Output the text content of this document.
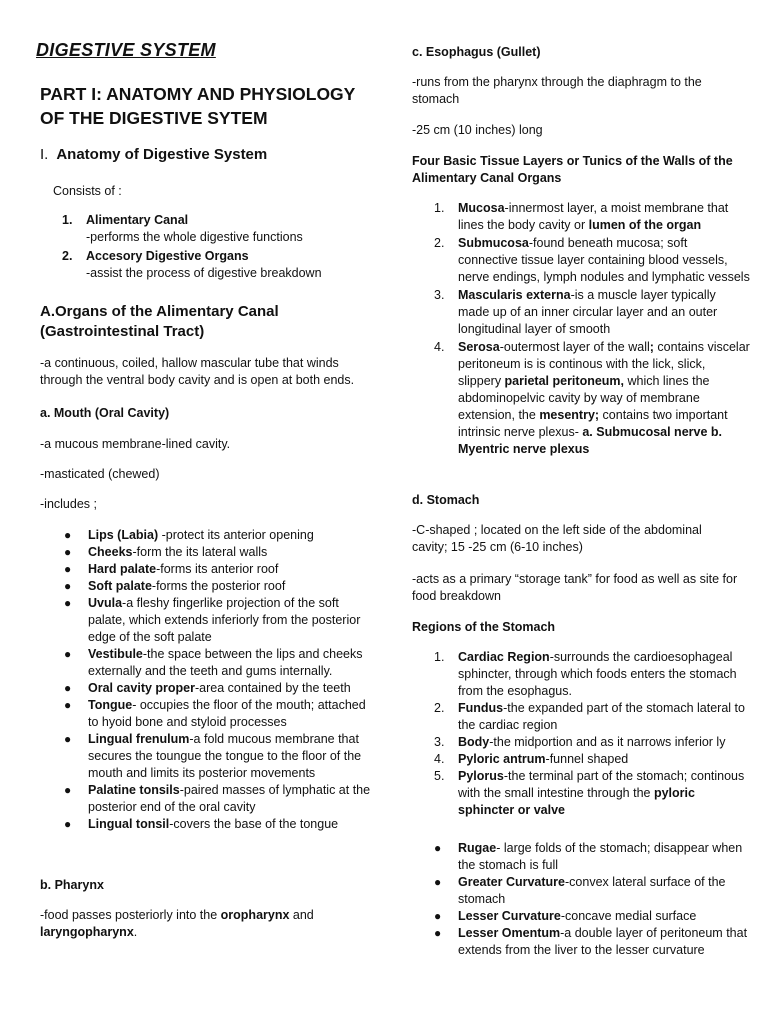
DIGESTIVE SYSTEM
PART I: ANATOMY AND PHYSIOLOGY
OF THE DIGESTIVE SYTEM
I. Anatomy of Digestive System

Consists of :

1. Alimentary Canal
-performs the whole digestive functions
2. Accesory Digestive Organs
-assist the process of digestive breakdown
A.Organs of the Alimentary Canal
(Gastrointestinal Tract)

-a continuous, coiled, hallow mascular tube that winds through the ventral body cavity and is open at both ends.

a. Mouth (Oral Cavity)

-a mucous membrane-lined cavity.

-masticated (chewed)

-includes ;

● Lips (Labia) -protect its anterior opening
● Cheeks-form the its lateral walls
● Hard palate-forms its anterior roof
● Soft palate-forms the posterior roof
● Uvula-a fleshy fingerlike projection of the soft palate, which extends inferiorly from the posterior edge of the soft palate
● Vestibule-the space between the lips and cheeks externally and the teeth and gums internally.
● Oral cavity proper-area contained by the teeth
● Tongue- occupies the floor of the mouth; attached to hyoid bone and styloid processes
● Lingual frenulum-a fold mucous membrane that secures the toungue the tongue to the floor of the mouth and limits its posterior movements
● Palatine tonsils-paired masses of lymphatic at the posterior end of the oral cavity
● Lingual tonsil-covers the base of the tongue

b. Pharynx

-food passes posteriorly into the oropharynx and laryngopharynx.

c. Esophagus (Gullet)

-runs from the pharynx through the diaphragm to the stomach

-25 cm (10 inches) long

Four Basic Tissue Layers or Tunics of the Walls of the Alimentary Canal Organs

1. Mucosa-innermost layer, a moist membrane that lines the body cavity or lumen of the organ
2. Submucosa-found beneath mucosa; soft connective tissue layer containing blood vessels, nerve endings, lymph nodules and lymphatic vessels
3. Mascularis externa-is a muscle layer typically made up of an inner circular layer and an outer longitudinal layer of smooth
4. Serosa-outermost layer of the wall; contains viscelar peritoneum is is continous with the lick, slick, slippery parietal peritoneum, which lines the abdominopelvic cavity by way of membrane extension, the mesentry; contains two important intrinsic nerve plexus- a. Submucosal nerve b. Myentric nerve plexus

d. Stomach

-C-shaped ; located on the left side of the abdominal cavity; 15 -25 cm (6-10 inches)

-acts as a primary “storage tank” for food as well as site for food breakdown

Regions of the Stomach

1. Cardiac Region-surrounds the cardioesophageal sphincter, through which foods enters the stomach from the esophagus.
2. Fundus-the expanded part of the stomach lateral to the cardiac region
3. Body-the midportion and as it narrows inferior ly
4. Pyloric antrum-funnel shaped
5. Pylorus-the terminal part of the stomach; continous with the small intestine through the pyloric sphincter or valve
● Rugae- large folds of the stomach; disappear when the stomach is full
● Greater Curvature-convex lateral surface of the stomach
● Lesser Curvature-concave medial surface
● Lesser Omentum-a double layer of peritoneum that extends from the liver to the lesser curvature
